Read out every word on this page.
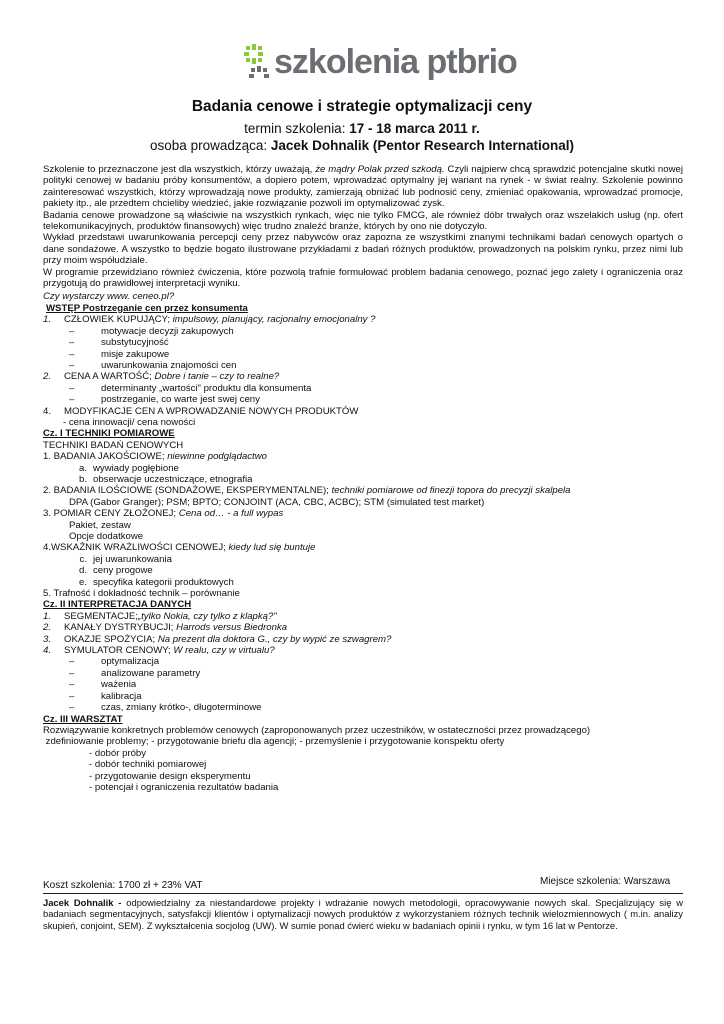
szkolenia ptbrio
Badania cenowe i strategie optymalizacji ceny
termin szkolenia: 17 - 18 marca 2011 r.
osoba prowadząca: Jacek Dohnalik (Pentor Research International)

Szkolenie to przeznaczone jest dla wszystkich, którzy uważają, że mądry Polak przed szkodą. Czyli najpierw chcą sprawdzić potencjalne skutki nowej polityki cenowej w badaniu próby konsumentów, a dopiero potem, wprowadzać optymalny jej wariant na rynek - w świat realny. Szkolenie powinno zainteresować wszystkich, którzy wprowadzają nowe produkty, zamierzają obniżać lub podnosić ceny, zmieniać opakowania, wprowadzać promocje, pakiety itp., ale przedtem chcieliby wiedzieć, jakie rozwiązanie pozwoli im optymalizować zysk.

Badania cenowe prowadzone są właściwie na wszystkich rynkach, więc nie tylko FMCG, ale również dóbr trwałych oraz wszelakich usług (np. ofert telekomunikacyjnych, produktów finansowych) więc trudno znaleźć branże, których by ono nie dotyczyło.

Wykład przedstawi uwarunkowania percepcji ceny przez nabywców oraz zapozna ze wszystkimi znanymi technikami badań cenowych opartych o dane sondażowe. A wszystko to będzie bogato ilustrowane przykładami z badań różnych produktów, prowadzonych na polskim rynku, przez nimi lub przy moim współudziale.

W programie przewidziano również ćwiczenia, które pozwolą trafnie formułować problem badania cenowego, poznać jego zalety i ograniczenia oraz przygotują do prawidłowej interpretacji wyniku.

Czy wystarczy www. ceneo.pl?

WSTĘP Postrzeganie cen przez konsumenta

1. CZŁOWIEK KUPUJĄCY; impulsowy, planujący, racjonalny emocjonalny ?

–	motywacje decyzji zakupowych

–	substytucyjność

–	misje zakupowe

–	uwarunkowania znajomości cen

2. CENA A WARTOŚĆ; Dobre i tanie – czy to realne?

–	determinanty „wartości" produktu dla konsumenta

–	postrzeganie, co warte jest swej ceny

4. MODYFIKACJE CEN A WPROWADZANIE NOWYCH PRODUKTÓW

- cena innowacji/ cena nowości

Cz. I TECHNIKI POMIAROWE

TECHNIKI BADAŃ CENOWYCH

1. BADANIA JAKOŚCIOWE; niewinne podglądactwo

a. wywiady pogłębione

b. obserwacje uczestniczące, etnografia

2. BADANIA ILOŚCIOWE (SONDAŻOWE, EKSPERYMENTALNE); techniki pomiarowe od finezji topora do precyzji skalpela

DPA (Gabor Granger); PSM; BPTO; CONJOINT (ACA, CBC, ACBC); STM (simulated test market)

3. POMIAR CENY ZŁOŻONEJ; Cena od… - a full wypas

Pakiet, zestaw

Opcje dodatkowe

4.WSKAŹNIK WRAŻLIWOŚCI CENOWEJ; kiedy lud się buntuje

c. jej uwarunkowania

d. ceny progowe

e. specyfika kategorii produktowych

5. Trafność i dokładność technik – porównanie

Cz. II INTERPRETACJA DANYCH

1. SEGMENTACJE;„tylko Nokia, czy tylko z klapką?"

2. KANAŁY DYSTRYBUCJI; Harrods versus Biedronka

3. OKAZJE SPOŻYCIA; Na prezent dla doktora G., czy by wypić ze szwagrem?

4. SYMULATOR CENOWY; W realu, czy w virtualu?

–	optymalizacja

–	analizowane parametry

–	ważenia

–	kalibracja

–	czas, zmiany krótko-, długoterminowe

Cz. III WARSZTAT

Rozwiązywanie konkretnych problemów cenowych (zaproponowanych przez uczestników, w ostateczności przez prowadzącego)

zdefiniowanie problemy; - przygotowanie briefu dla agencji; - przemyślenie i przygotowanie konspektu oferty

- dobór próby

- dobór techniki pomiarowej

- przygotowanie design eksperymentu

- potencjał i ograniczenia rezultatów badania

Koszt szkolenia: 1700 zł + 23% VAT	Miejsce szkolenia: Warszawa
Jacek Dohnalik - odpowiedzialny za niestandardowe projekty i wdrażanie nowych metodologii, opracowywanie nowych skal. Specjalizujący się w badaniach segmentacyjnych, satysfakcji klientów i optymalizacji nowych produktów z wykorzystaniem różnych technik wielozmiennowych ( m.in. analizy skupień, conjoint, SEM). Z wykształcenia socjolog (UW). W sumie ponad ćwierć wieku w badaniach opinii i rynku, w tym 16 lat w Pentorze.
